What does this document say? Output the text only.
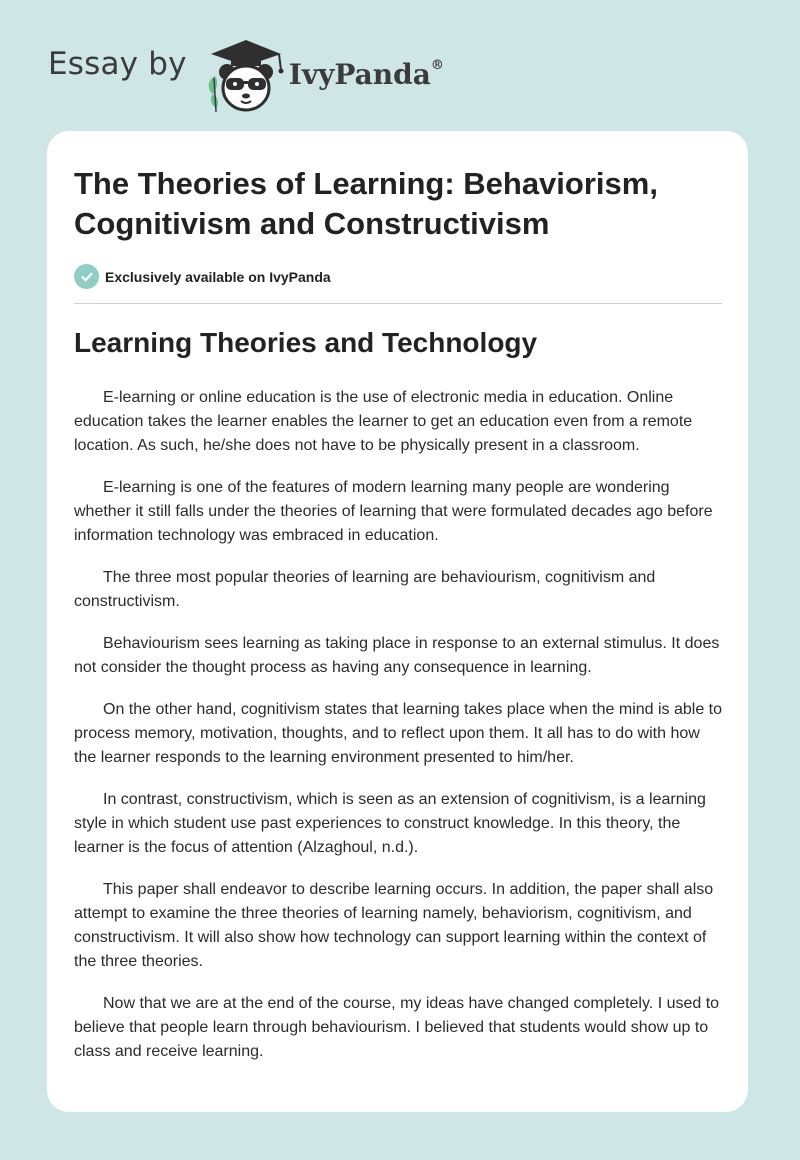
Essay by	IvyPanda®
The Theories of Learning: Behaviorism, Cognitivism and Constructivism
Exclusively available on IvyPanda
Learning Theories and Technology

E-learning or online education is the use of electronic media in education. Online education takes the learner enables the learner to get an education even from a remote location. As such, he/she does not have to be physically present in a classroom.

E-learning is one of the features of modern learning many people are wondering whether it still falls under the theories of learning that were formulated decades ago before information technology was embraced in education.

The three most popular theories of learning are behaviourism, cognitivism and constructivism.

Behaviourism sees learning as taking place in response to an external stimulus. It does not consider the thought process as having any consequence in learning.

On the other hand, cognitivism states that learning takes place when the mind is able to process memory, motivation, thoughts, and to reflect upon them. It all has to do with how the learner responds to the learning environment presented to him/her.

In contrast, constructivism, which is seen as an extension of cognitivism, is a learning style in which student use past experiences to construct knowledge. In this theory, the learner is the focus of attention (Alzaghoul, n.d.).

This paper shall endeavor to describe learning occurs. In addition, the paper shall also attempt to examine the three theories of learning namely, behaviorism, cognitivism, and constructivism. It will also show how technology can support learning within the context of the three theories.

Now that we are at the end of the course, my ideas have changed completely. I used to believe that people learn through behaviourism. I believed that students would show up to class and receive learning.
